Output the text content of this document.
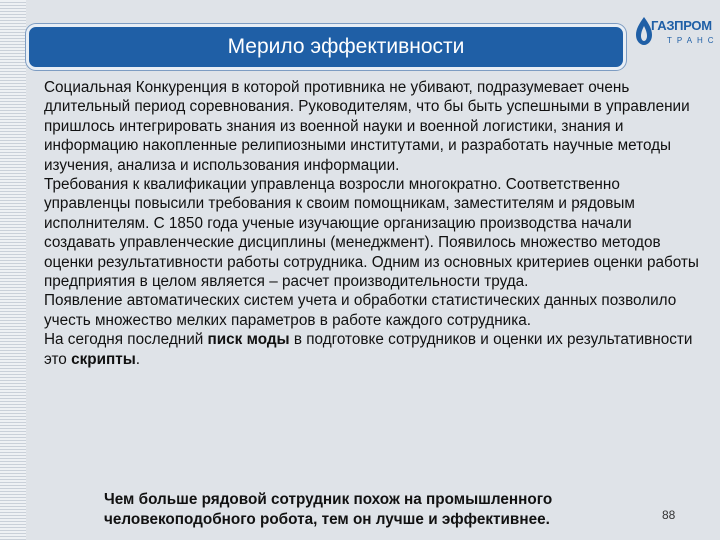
Мерило эффективности
ГАЗПРОМ
ТРАНС

Социальная Конкуренция в которой противника не убивают, подразумевает очень длительный период соревнования. Руководителям, что бы быть успешными в управлении пришлось интегрировать знания из военной науки и военной логистики, знания и информацию накопленные релипиозными институтами, и разработать научные методы изучения, анализа и использования информации.

Требования к квалификации управленца возросли многократно. Соответственно управленцы повысили требования к своим помощникам, заместителям и рядовым исполнителям. С 1850 года ученые изучающие организацию производства начали создавать управленческие дисциплины (менеджмент). Появилось множество методов оценки результативности работы сотрудника. Одним из основных критериев оценки работы предприятия в целом является – расчет производительности труда.

Появление автоматических систем учета и обработки статистических данных позволило учесть множество мелких параметров в работе каждого сотрудника.

На сегодня последний писк моды в подготовке сотрудников и оценки их результативности это скрипты.

Чем больше рядовой сотрудник похож на промышленного человекоподобного робота, тем он лучше и эффективнее.	88
